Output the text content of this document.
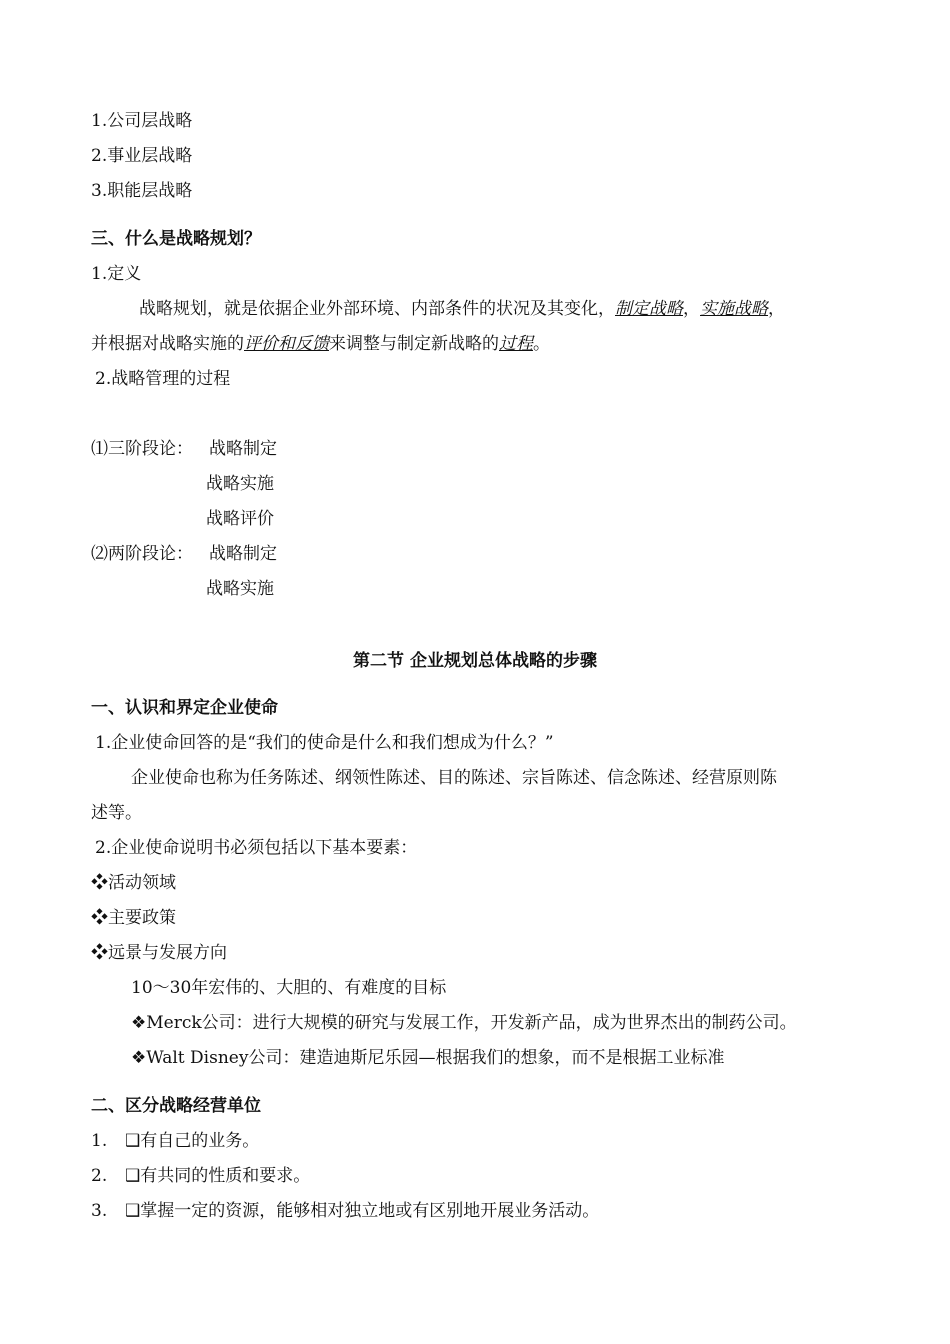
1.公司层战略
2.事业层战略
3.职能层战略
三、什么是战略规划？
1.定义
战略规划，就是依据企业外部环境、内部条件的状况及其变化，制定战略，实施战略，
并根据对战略实施的评价和反馈来调整与制定新战略的过程。
2.战略管理的过程
⑴三阶段论： 战略制定
战略实施
战略评价
⑵两阶段论： 战略制定
战略实施
第二节 企业规划总体战略的步骤
一、认识和界定企业使命
1.企业使命回答的是“我们的使命是什么和我们想成为什么？”
企业使命也称为任务陈述、纲领性陈述、目的陈述、宗旨陈述、信念陈述、经营原则陈
述等。
2.企业使命说明书必须包括以下基本要素：
❖活动领域
❖主要政策
❖远景与发展方向
10～30年宏伟的、大胆的、有难度的目标
❖Merck公司：进行大规模的研究与发展工作，开发新产品，成为世界杰出的制药公司。
❖Walt Disney公司：建造迪斯尼乐园—根据我们的想象，而不是根据工业标准
二、区分战略经营单位
1. ❑有自己的业务。
2. ❑有共同的性质和要求。
3. ❑掌握一定的资源，能够相对独立地或有区别地开展业务活动。
